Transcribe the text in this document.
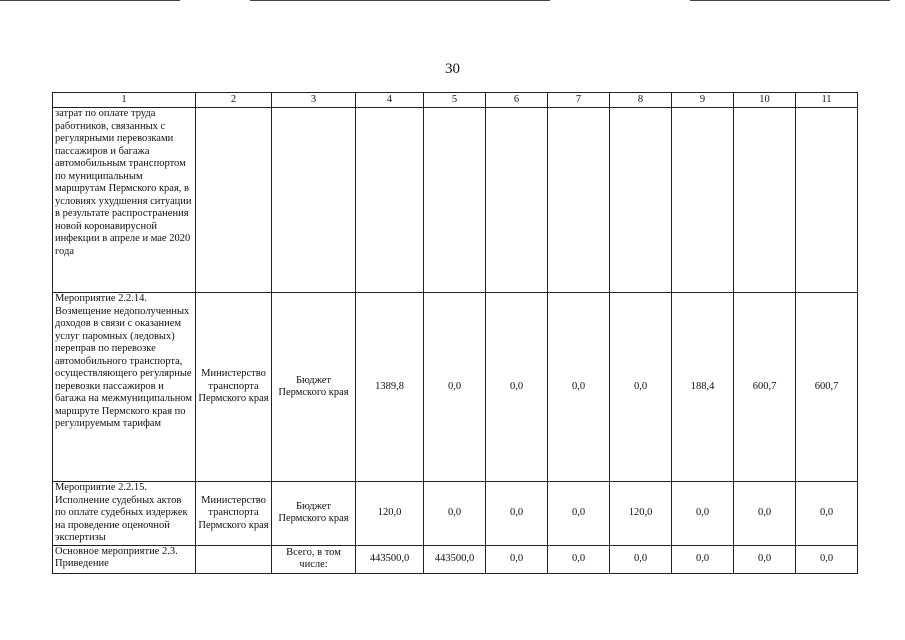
30
1	2	3	4	5	6	7	8	9	10	11
затрат по оплате труда работников, связанных с регулярными перевозками пассажиров и багажа автомобильным транспортом по муниципальным маршрутам Пермского края, в условиях ухудшения ситуации в результате распространения новой коронавирусной инфекции в апреле и мае 2020 года										
Мероприятие 2.2.14. Возмещение недополученных доходов в связи с оказанием услуг паромных (ледовых) переправ по перевозке автомобильного транспорта, осуществляющего регулярные перевозки пассажиров и багажа на межмуниципальном маршруте Пермского края по регулируемым тарифам	Министерство транспорта Пермского края	Бюджет Пермского края	1389,8	0,0	0,0	0,0	0,0	188,4	600,7	600,7
Мероприятие 2.2.15. Исполнение судебных актов по оплате судебных издержек на проведение оценочной экспертизы	Министерство транспорта Пермского края	Бюджет Пермского края	120,0	0,0	0,0	0,0	120,0	0,0	0,0	0,0
Основное мероприятие 2.3. Приведение		Всего, в том числе:	443500,0	443500,0	0,0	0,0	0,0	0,0	0,0	0,0
